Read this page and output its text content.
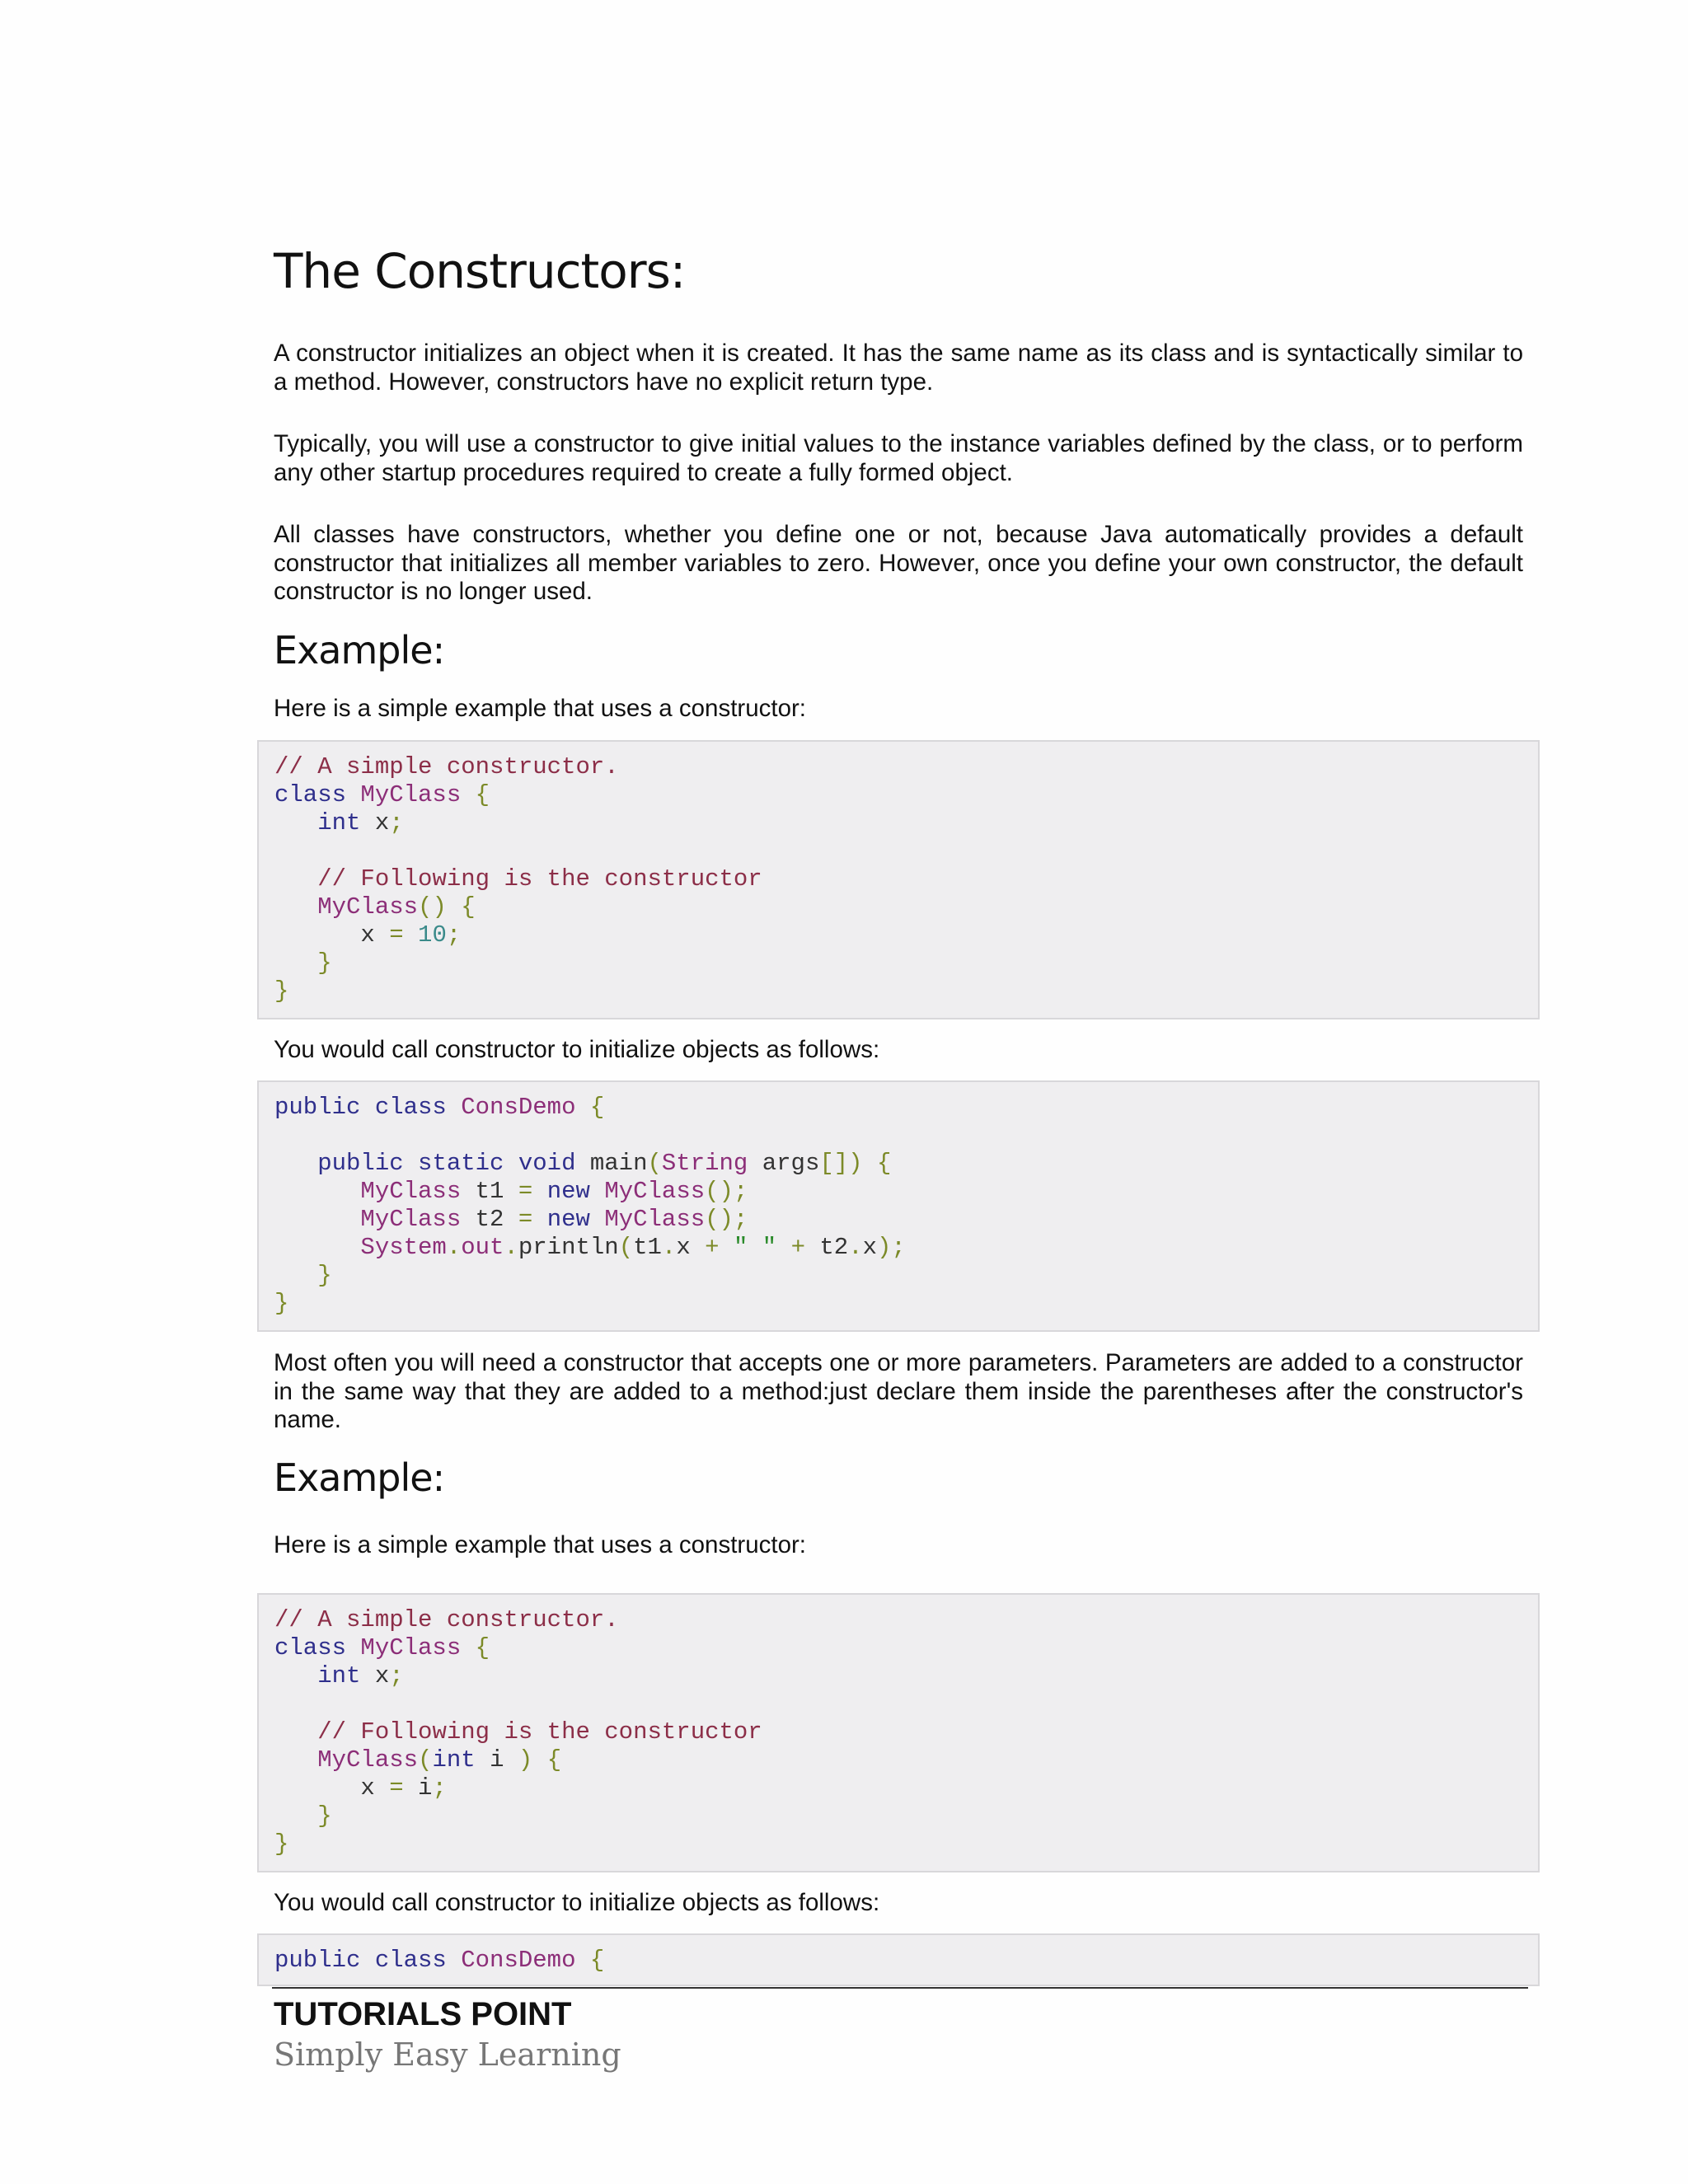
The Constructors:

A constructor initializes an object when it is created. It has the same name as its class and is syntactically similar to a method. However, constructors have no explicit return type.

Typically, you will use a constructor to give initial values to the instance variables defined by the class, or to perform any other startup procedures required to create a fully formed object.

All classes have constructors, whether you define one or not, because Java automatically provides a default constructor that initializes all member variables to zero. However, once you define your own constructor, the default constructor is no longer used.

Example:

Here is a simple example that uses a constructor:

// A simple constructor.
class MyClass {
int x;

// Following is the constructor
MyClass() {
x = 10;
}
}

You would call constructor to initialize objects as follows:

public class ConsDemo {

public static void main(String args[]) {
MyClass t1 = new MyClass();
MyClass t2 = new MyClass();
System.out.println(t1.x + " " + t2.x);
}
}

Most often you will need a constructor that accepts one or more parameters. Parameters are added to a constructor in the same way that they are added to a method:just declare them inside the parentheses after the constructor's name.

Example:

Here is a simple example that uses a constructor:

// A simple constructor.
class MyClass {
int x;

// Following is the constructor
MyClass(int i ) {
x = i;
}
}

You would call constructor to initialize objects as follows:

public class ConsDemo {
TUTORIALS POINT
Simply Easy Learning
